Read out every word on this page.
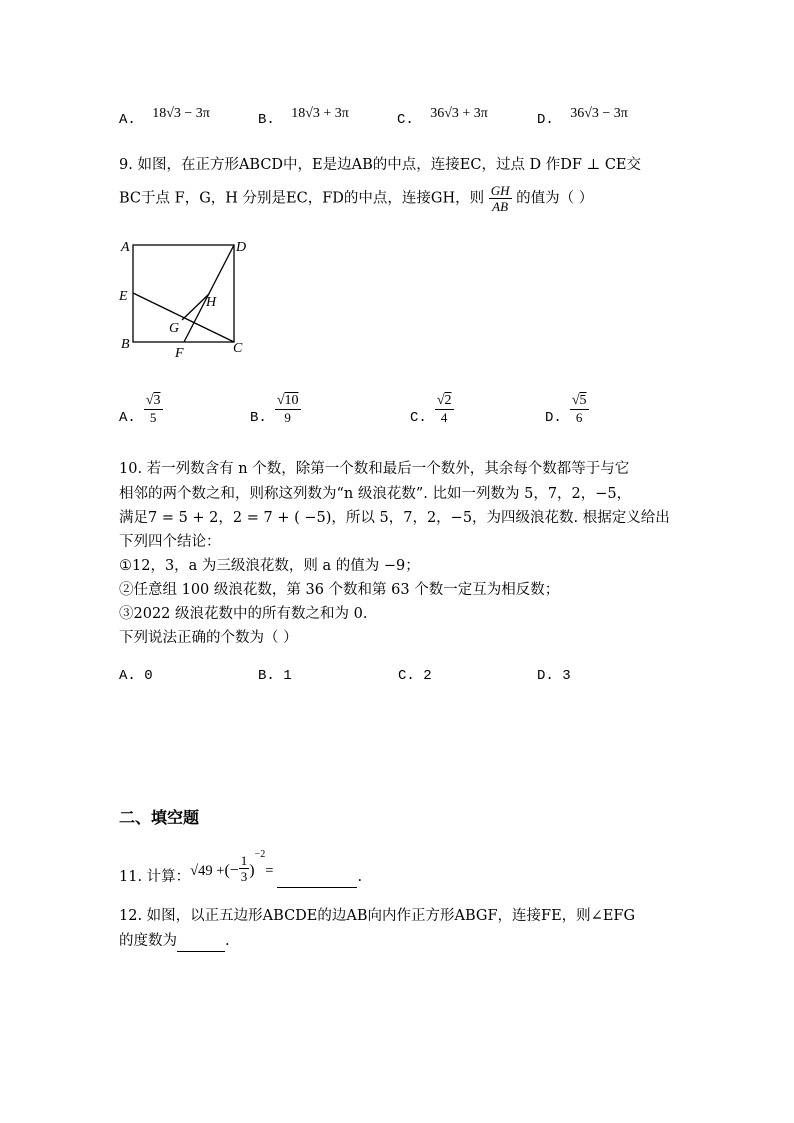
A. 18√3 − 3π	B. 18√3 + 3π	C. 36√3 + 3π	D. 36√3 − 3π
9. 如图，在正方形ABCD中，E是边AB的中点，连接EC，过点 D 作DF ⊥ CE交
BC于点 F，G，H 分别是EC，FD的中点，连接GH，则 $\frac{GH}{AB}$ 的值为（ ）
A	D
E	H
G
B	C
F
A. $\frac{√3}{5}$	B. $\frac{√10}{9}$	C. $\frac{√2}{4}$	D. $\frac{√5}{6}$
10. 若一列数含有 n 个数，除第一个数和最后一个数外，其余每个数都等于与它
相邻的两个数之和，则称这列数为“n 级浪花数”. 比如一列数为 5，7，2，−5，
满足7 = 5 + 2，2 = 7 + ( −5)，所以 5，7，2，−5，为四级浪花数. 根据定义给出
下列四个结论：
①12，3，a 为三级浪花数，则 a 的值为 −9；
②任意组 100 级浪花数，第 36 个数和第 63 个数一定互为相反数；
③2022 级浪花数中的所有数之和为 0.
下列说法正确的个数为（ ）
A. 0	B. 1	C. 2	D. 3
二、填空题
11. 计算： √49 + (− $\frac{1}{3}$ )
−2
=	.
12. 如图，以正五边形ABCDE的边AB向内作正方形ABGF，连接FE，则∠EFG
的度数为	.
